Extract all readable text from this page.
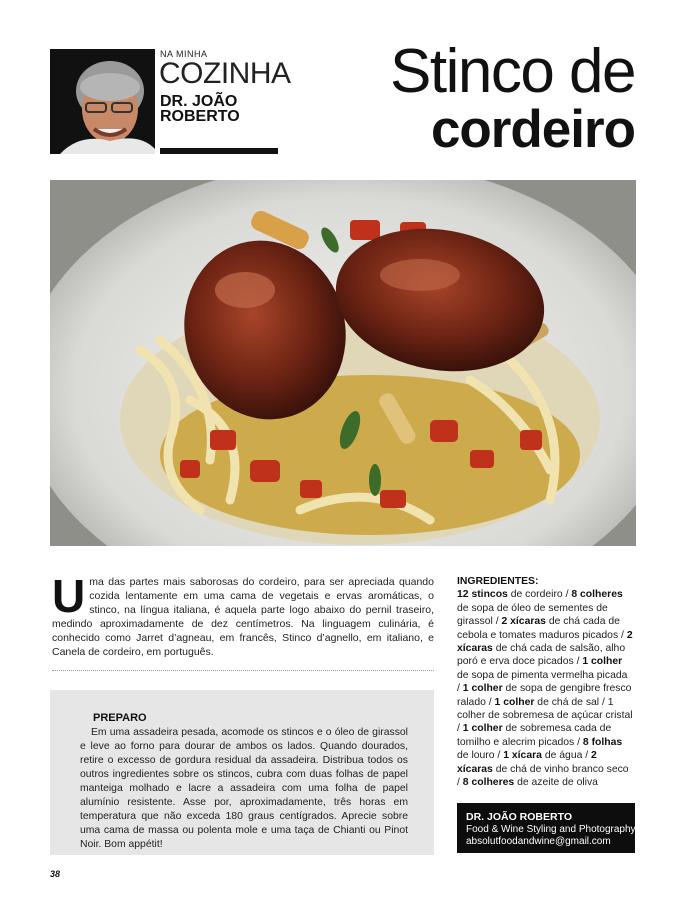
NA MINHA
COZINHA
DR. JOÃO
ROBERTO
Stinco de
cordeiro
Uma das partes mais saborosas do cordeiro, para ser apreciada quando cozida lentamente em uma cama de vegetais e ervas aromáticas, o stinco, na língua italiana, é aquela parte logo abaixo do pernil traseiro, medindo aproximadamente de dez centímetros. Na linguagem culinária, é conhecido como Jarret d’agneau, em francês, Stinco d’agnello, em italiano, e Canela de cordeiro, em português.
PREPARO

Em uma assadeira pesada, acomode os stincos e o óleo de girassol e leve ao forno para dourar de ambos os lados. Quando dourados, retire o excesso de gordura residual da assadeira. Distribua todos os outros ingredientes sobre os stincos, cubra com duas folhas de papel manteiga molhado e lacre a assadeira com uma folha de papel alumínio resistente. Asse por, aproximadamente, três horas em temperatura que não exceda 180 graus centígrados. Aprecie sobre uma cama de massa ou polenta mole e uma taça de Chianti ou Pinot Noir. Bom appétit!

INGREDIENTES:
12 stincos de cordeiro / 8 colheres de sopa de óleo de sementes de girassol / 2 xícaras de chá cada de cebola e tomates maduros picados / 2 xícaras de chá cada de salsão, alho poró e erva doce picados / 1 colher de sopa de pimenta vermelha picada / 1 colher de sopa de gengibre fresco ralado / 1 colher de chá de sal / 1 colher de sobremesa de açúcar cristal / 1 colher de sobremesa cada de tomilho e alecrim picados / 8 folhas de louro / 1 xícara de água / 2 xícaras de chá de vinho branco seco / 8 colheres de azeite de oliva
DR. JOÃO ROBERTO
Food & Wine Styling and Photography
absolutfoodandwine@gmail.com
38
